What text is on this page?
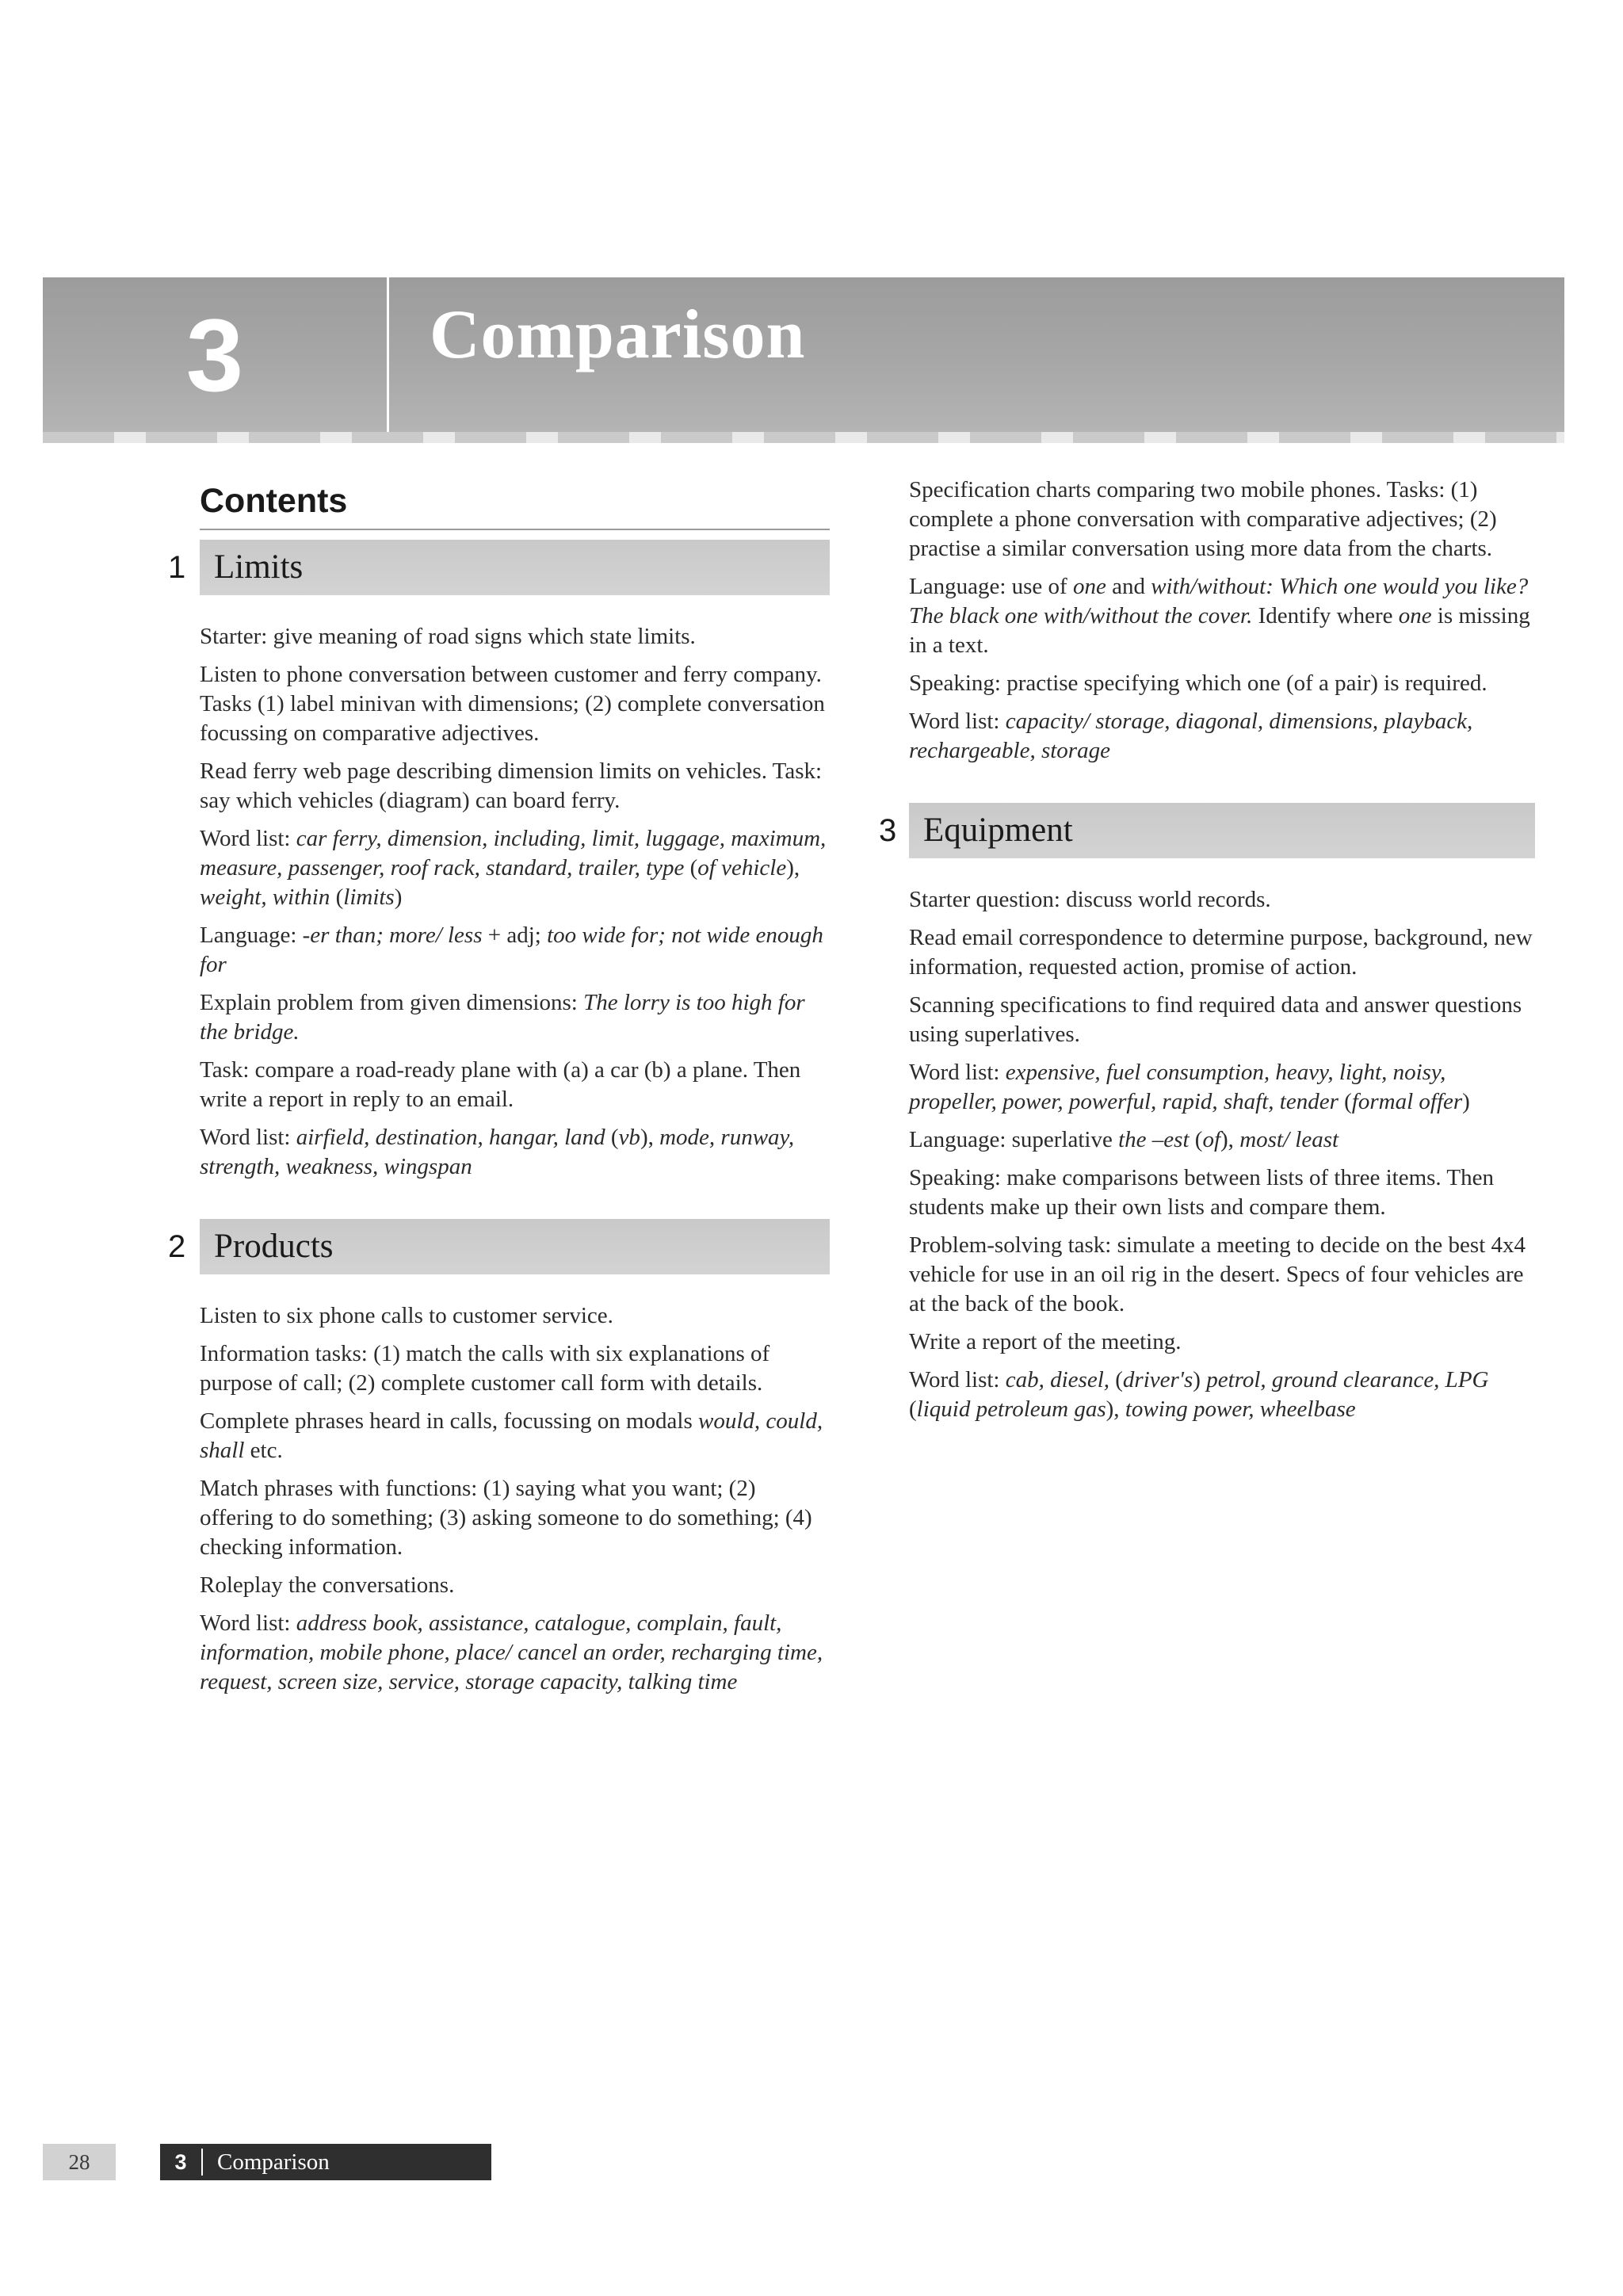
3	Comparison
Contents
1 Limits

Starter: give meaning of road signs which state limits.

Listen to phone conversation between customer and ferry company. Tasks (1) label minivan with dimensions; (2) complete conversation focussing on comparative adjectives.

Read ferry web page describing dimension limits on vehicles. Task: say which vehicles (diagram) can board ferry.

Word list: car ferry, dimension, including, limit, luggage, maximum, measure, passenger, roof rack, standard, trailer, type (of vehicle), weight, within (limits)

Language: -er than; more/ less + adj; too wide for; not wide enough for

Explain problem from given dimensions: The lorry is too high for the bridge.

Task: compare a road-ready plane with (a) a car (b) a plane. Then write a report in reply to an email.

Word list: airfield, destination, hangar, land (vb), mode, runway, strength, weakness, wingspan

2 Products

Listen to six phone calls to customer service.

Information tasks: (1) match the calls with six explanations of purpose of call; (2) complete customer call form with details.

Complete phrases heard in calls, focussing on modals would, could, shall etc.

Match phrases with functions: (1) saying what you want; (2) offering to do something; (3) asking someone to do something; (4) checking information.

Roleplay the conversations.

Word list: address book, assistance, catalogue, complain, fault, information, mobile phone, place/ cancel an order, recharging time, request, screen size, service, storage capacity, talking time

Specification charts comparing two mobile phones. Tasks: (1) complete a phone conversation with comparative adjectives; (2) practise a similar conversation using more data from the charts.

Language: use of one and with/without: Which one would you like? The black one with/without the cover. Identify where one is missing in a text.

Speaking: practise specifying which one (of a pair) is required.

Word list: capacity/ storage, diagonal, dimensions, playback, rechargeable, storage

3 Equipment

Starter question: discuss world records.

Read email correspondence to determine purpose, background, new information, requested action, promise of action.

Scanning specifications to find required data and answer questions using superlatives.

Word list: expensive, fuel consumption, heavy, light, noisy, propeller, power, powerful, rapid, shaft, tender (formal offer)

Language: superlative the –est (of), most/ least

Speaking: make comparisons between lists of three items. Then students make up their own lists and compare them.

Problem-solving task: simulate a meeting to decide on the best 4x4 vehicle for use in an oil rig in the desert. Specs of four vehicles are at the back of the book.

Write a report of the meeting.

Word list: cab, diesel, (driver's) petrol, ground clearance, LPG (liquid petroleum gas), towing power, wheelbase

28	3	Comparison
